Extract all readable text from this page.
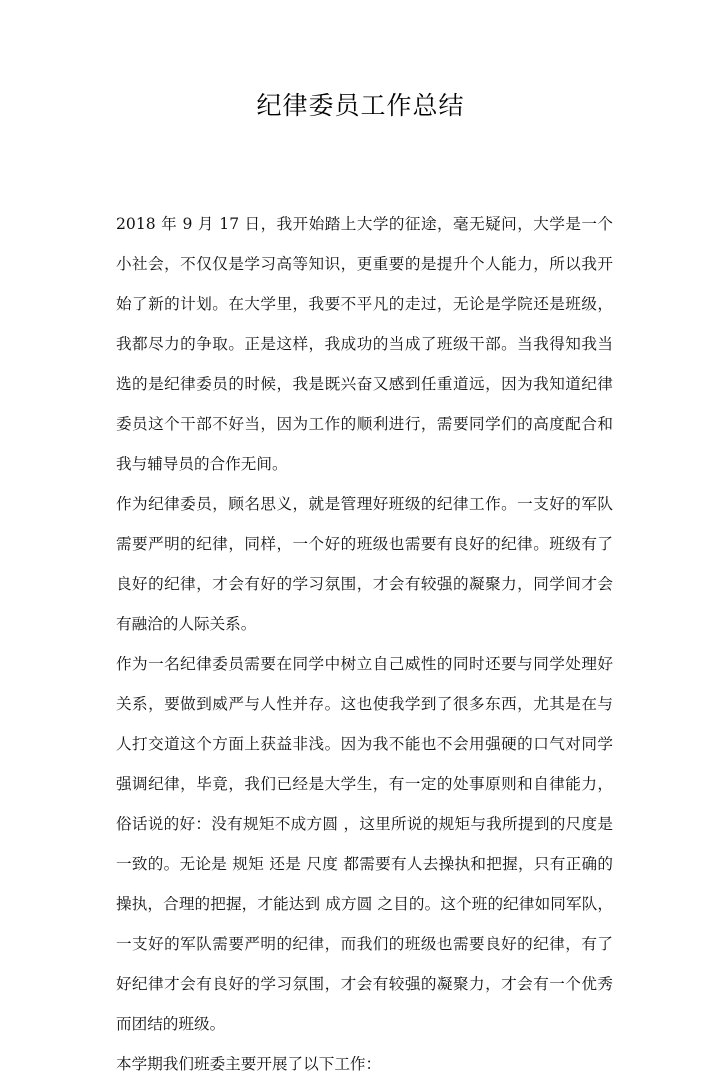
纪律委员工作总结

2018 年 9 月 17 日，我开始踏上大学的征途，毫无疑问，大学是一个小社会，不仅仅是学习高等知识，更重要的是提升个人能力，所以我开始了新的计划。在大学里，我要不平凡的走过，无论是学院还是班级，我都尽力的争取。正是这样，我成功的当成了班级干部。当我得知我当选的是纪律委员的时候，我是既兴奋又感到任重道远，因为我知道纪律委员这个干部不好当，因为工作的顺利进行，需要同学们的高度配合和我与辅导员的合作无间。

作为纪律委员，顾名思义，就是管理好班级的纪律工作。一支好的军队需要严明的纪律，同样，一个好的班级也需要有良好的纪律。班级有了良好的纪律，才会有好的学习氛围，才会有较强的凝聚力，同学间才会有融洽的人际关系。

作为一名纪律委员需要在同学中树立自己威性的同时还要与同学处理好关系，要做到威严与人性并存。这也使我学到了很多东西，尤其是在与人打交道这个方面上获益非浅。因为我不能也不会用强硬的口气对同学强调纪律，毕竟，我们已经是大学生，有一定的处事原则和自律能力，俗话说的好：没有规矩不成方圆 ，这里所说的规矩与我所提到的尺度是一致的。无论是 规矩 还是 尺度 都需要有人去操执和把握，只有正确的操执，合理的把握，才能达到 成方圆 之目的。这个班的纪律如同军队，一支好的军队需要严明的纪律，而我们的班级也需要良好的纪律，有了好纪律才会有良好的学习氛围，才会有较强的凝聚力，才会有一个优秀而团结的班级。

本学期我们班委主要开展了以下工作：
